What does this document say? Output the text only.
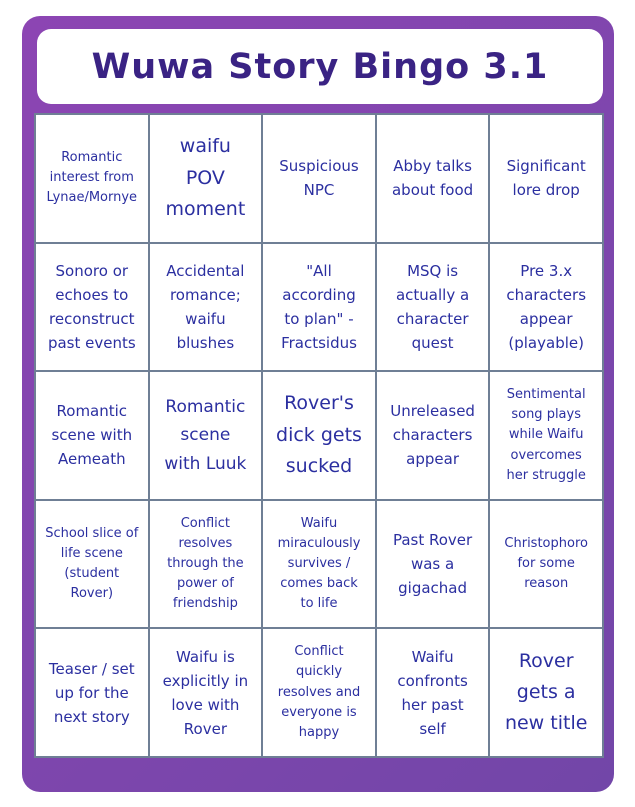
Wuwa Story Bingo 3.1
Romantic
interest from
Lynae/Mornye
waifu
POV
moment
Suspicious
NPC
Abby talks
about food
Significant
lore drop
Sonoro or
echoes to
reconstruct
past events
Accidental
romance;
waifu
blushes
"All
according
to plan" -
Fractsidus
MSQ is
actually a
character
quest
Pre 3.x
characters
appear
(playable)
Romantic
scene with
Aemeath
Romantic
scene
with Luuk
Rover's
dick gets
sucked
Unreleased
characters
appear
Sentimental
song plays
while Waifu
overcomes
her struggle
School slice of
life scene
(student
Rover)
Conflict
resolves
through the
power of
friendship
Waifu
miraculously
survives /
comes back
to life
Past Rover
was a
gigachad
Christophoro
for some
reason
Teaser / set
up for the
next story
Waifu is
explicitly in
love with
Rover
Conflict
quickly
resolves and
everyone is
happy
Waifu
confronts
her past
self
Rover
gets a
new title
